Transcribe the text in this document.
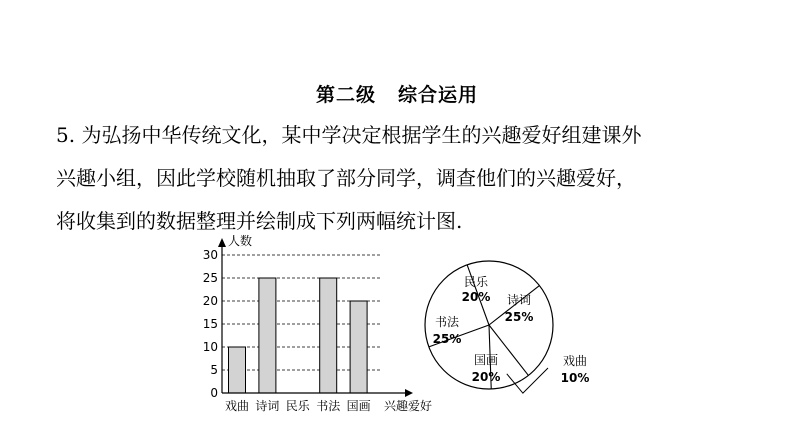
第二级 综合运用
5. 为弘扬中华传统文化，某中学决定根据学生的兴趣爱好组建课外
兴趣小组，因此学校随机抽取了部分同学，调查他们的兴趣爱好，
将收集到的数据整理并绘制成下列两幅统计图.
人数
兴趣爱好
0
5
10
15
20
25
30
戏曲 诗词 民乐 书法 国画
民乐
20% 诗词
25%
戏曲
10%
国画
20%
书法
25%
